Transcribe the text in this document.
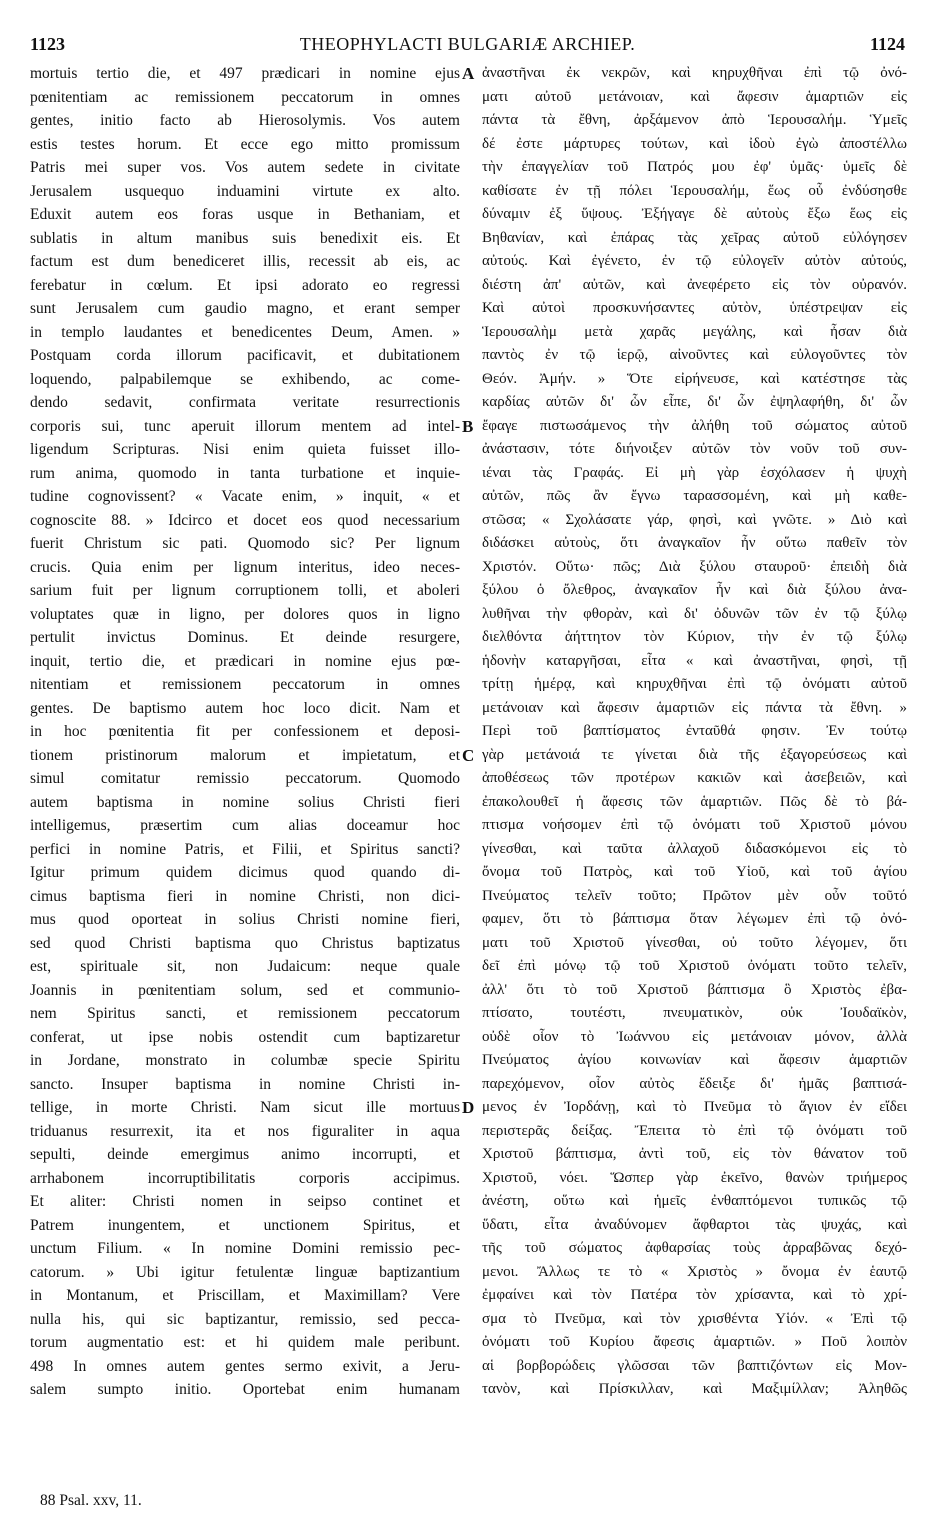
1123	THEOPHYLACTI BULGARIÆ ARCHIEP.	1124
mortuis tertio die, et 497 prædicari in nomine ejus
pœnitentiam ac remissionem peccatorum in omnes
gentes, initio facto ab Hierosolymis. Vos autem
estis testes horum. Et ecce ego mitto promissum
Patris mei super vos. Vos autem sedete in civitate
Jerusalem usquequo induamini virtute ex alto.
Eduxit autem eos foras usque in Bethaniam, et
sublatis in altum manibus suis benedixit eis. Et
factum est dum benediceret illis, recessit ab eis, ac
ferebatur in cœlum. Et ipsi adorato eo regressi
sunt Jerusalem cum gaudio magno, et erant semper
in templo laudantes et benedicentes Deum, Amen. »
Postquam corda illorum pacificavit, et dubitationem
loquendo, palpabilemque se exhibendo, ac come-
dendo sedavit, confirmata veritate resurrectionis
corporis sui, tunc aperuit illorum mentem ad intel-
ligendum Scripturas. Nisi enim quieta fuisset illo-
rum anima, quomodo in tanta turbatione et inquie-
tudine cognovissent? « Vacate enim, » inquit, « et
cognoscite 88. » Idcirco et docet eos quod necessarium
fuerit Christum sic pati. Quomodo sic? Per lignum
crucis. Quia enim per lignum interitus, ideo neces-
sarium fuit per lignum corruptionem tolli, et aboleri
voluptates quæ in ligno, per dolores quos in ligno
pertulit invictus Dominus. Et deinde resurgere,
inquit, tertio die, et prædicari in nomine ejus pœ-
nitentiam et remissionem peccatorum in omnes
gentes. De baptismo autem hoc loco dicit. Nam et
in hoc pœnitentia fit per confessionem et deposi-
tionem pristinorum malorum et impietatum, et
simul comitatur remissio peccatorum. Quomodo
autem baptisma in nomine solius Christi fieri
intelligemus, præsertim cum alias doceamur hoc
perfici in nomine Patris, et Filii, et Spiritus sancti?
Igitur primum quidem dicimus quod quando di-
cimus baptisma fieri in nomine Christi, non dici-
mus quod oporteat in solius Christi nomine fieri,
sed quod Christi baptisma quo Christus baptizatus
est, spirituale sit, non Judaicum: neque quale
Joannis in pœnitentiam solum, sed et communio-
nem Spiritus sancti, et remissionem peccatorum
conferat, ut ipse nobis ostendit cum baptizaretur
in Jordane, monstrato in columbæ specie Spiritu
sancto. Insuper baptisma in nomine Christi in-
tellige, in morte Christi. Nam sicut ille mortuus
triduanus resurrexit, ita et nos figuraliter in aqua
sepulti, deinde emergimus animo incorrupti, et
arrhabonem incorruptibilitatis corporis accipimus.
Et aliter: Christi nomen in seipso continet et
Patrem inungentem, et unctionem Spiritus, et
unctum Filium. « In nomine Domini remissio pec-
catorum. » Ubi igitur fetulentæ linguæ baptizantium
in Montanum, et Priscillam, et Maximillam? Vere
nulla his, qui sic baptizantur, remissio, sed pecca-
torum augmentatio est: et hi quidem male peribunt.
498 In omnes autem gentes sermo exivit, a Jeru-
salem sumpto initio. Oportebat enim humanam
ἀναστῆναι ἐκ νεκρῶν, καὶ κηρυχθῆναι ἐπὶ τῷ ὀνό-
ματι αὐτοῦ μετάνοιαν, καὶ ἄφεσιν ἁμαρτιῶν εἰς
πάντα τὰ ἔθνη, ἀρξάμενον ἀπὸ Ἱερουσαλήμ. Ὑμεῖς
δέ ἐστε μάρτυρες τούτων, καὶ ἰδοὺ ἐγὼ ἀποστέλλω
τὴν ἐπαγγελίαν τοῦ Πατρός μου ἐφ' ὑμᾶς· ὑμεῖς δὲ
καθίσατε ἐν τῇ πόλει Ἱερουσαλήμ, ἕως οὗ ἐνδύσησθε
δύναμιν ἐξ ὕψους. Ἐξήγαγε δὲ αὐτοὺς ἔξω ἕως εἰς
Βηθανίαν, καὶ ἐπάρας τὰς χεῖρας αὐτοῦ εὐλόγησεν
αὐτούς. Καὶ ἐγένετο, ἐν τῷ εὐλογεῖν αὐτὸν αὐτούς,
διέστη ἀπ' αὐτῶν, καὶ ἀνεφέρετο εἰς τὸν οὐρανόν.
Καὶ αὐτοὶ προσκυνήσαντες αὐτὸν, ὑπέστρεψαν εἰς
Ἱερουσαλὴμ μετὰ χαρᾶς μεγάλης, καὶ ἦσαν διὰ
παντὸς ἐν τῷ ἱερῷ, αἰνοῦντες καὶ εὐλογοῦντες τὸν
Θεόν. Ἀμήν. » Ὅτε εἰρήνευσε, καὶ κατέστησε τὰς
καρδίας αὐτῶν δι' ὧν εἶπε, δι' ὧν ἐψηλαφήθη, δι' ὧν
ἔφαγε πιστωσάμενος τὴν ἀλήθη τοῦ σώματος αὐτοῦ
ἀνάστασιν, τότε διήνοιξεν αὐτῶν τὸν νοῦν τοῦ συν-
ιέναι τὰς Γραφάς. Εἰ μὴ γὰρ ἐσχόλασεν ἡ ψυχὴ
αὐτῶν, πῶς ἂν ἔγνω ταρασσομένη, καὶ μὴ καθε-
στῶσα; « Σχολάσατε γάρ, φησὶ, καὶ γνῶτε. » Διὸ καὶ
διδάσκει αὐτοὺς, ὅτι ἀναγκαῖον ἦν οὕτω παθεῖν τὸν
Χριστόν. Οὕτω· πῶς; Διὰ ξύλου σταυροῦ· ἐπειδὴ διὰ
ξύλου ὁ ὄλεθρος, ἀναγκαῖον ἦν καὶ διὰ ξύλου ἀνα-
λυθῆναι τὴν φθορὰν, καὶ δι' ὀδυνῶν τῶν ἐν τῷ ξύλῳ
διελθόντα ἀήττητον τὸν Κύριον, τὴν ἐν τῷ ξύλῳ
ἡδονὴν καταργῆσαι, εἶτα « καὶ ἀναστῆναι, φησὶ, τῇ
τρίτῃ ἡμέρᾳ, καὶ κηρυχθῆναι ἐπὶ τῷ ὀνόματι αὐτοῦ
μετάνοιαν καὶ ἄφεσιν ἁμαρτιῶν εἰς πάντα τὰ ἔθνη. »
Περὶ τοῦ βαπτίσματος ἐνταῦθά φησιν. Ἐν τούτῳ
γὰρ μετάνοιά τε γίνεται διὰ τῆς ἐξαγορεύσεως καὶ
ἀποθέσεως τῶν προτέρων κακιῶν καὶ ἀσεβειῶν, καὶ
ἐπακολουθεῖ ἡ ἄφεσις τῶν ἁμαρτιῶν. Πῶς δὲ τὸ βά-
πτισμα νοήσομεν ἐπὶ τῷ ὀνόματι τοῦ Χριστοῦ μόνου
γίνεσθαι, καὶ ταῦτα ἀλλαχοῦ διδασκόμενοι εἰς τὸ
ὄνομα τοῦ Πατρὸς, καὶ τοῦ Υἱοῦ, καὶ τοῦ ἁγίου
Πνεύματος τελεῖν τοῦτο; Πρῶτον μὲν οὖν τοῦτό
φαμεν, ὅτι τὸ βάπτισμα ὅταν λέγωμεν ἐπὶ τῷ ὀνό-
ματι τοῦ Χριστοῦ γίνεσθαι, οὐ τοῦτο λέγομεν, ὅτι
δεῖ ἐπὶ μόνῳ τῷ τοῦ Χριστοῦ ὀνόματι τοῦτο τελεῖν,
ἀλλ' ὅτι τὸ τοῦ Χριστοῦ βάπτισμα ὃ Χριστὸς ἐβα-
πτίσατο, τουτέστι, πνευματικὸν, οὐκ Ἰουδαϊκὸν,
οὐδὲ οἷον τὸ Ἰωάννου εἰς μετάνοιαν μόνον, ἀλλὰ
Πνεύματος ἁγίου κοινωνίαν καὶ ἄφεσιν ἁμαρτιῶν
παρεχόμενον, οἷον αὐτὸς ἔδειξε δι' ἡμᾶς βαπτισά-
μενος ἐν Ἰορδάνῃ, καὶ τὸ Πνεῦμα τὸ ἅγιον ἐν εἴδει
περιστερᾶς δείξας. Ἔπειτα τὸ ἐπὶ τῷ ὀνόματι τοῦ
Χριστοῦ βάπτισμα, ἀντὶ τοῦ, εἰς τὸν θάνατον τοῦ
Χριστοῦ, νόει. Ὥσπερ γὰρ ἐκεῖνο, θανὼν τριήμερος
ἀνέστη, οὕτω καὶ ἡμεῖς ἐνθαπτόμενοι τυπικῶς τῷ
ὕδατι, εἶτα ἀναδύνομεν ἄφθαρτοι τὰς ψυχάς, καὶ
τῆς τοῦ σώματος ἀφθαρσίας τοὺς ἀρραβῶνας δεχό-
μενοι. Ἄλλως τε τὸ « Χριστὸς » ὄνομα ἐν ἑαυτῷ
ἐμφαίνει καὶ τὸν Πατέρα τὸν χρίσαντα, καὶ τὸ χρί-
σμα τὸ Πνεῦμα, καὶ τὸν χρισθέντα Υἱόν. « Ἐπὶ τῷ
ὀνόματι τοῦ Κυρίου ἄφεσις ἁμαρτιῶν. » Ποῦ λοιπὸν
αἱ βορβορώδεις γλῶσσαι τῶν βαπτιζόντων εἰς Μον-
τανὸν, καὶ Πρίσκιλλαν, καὶ Μαξιμίλλαν; Ἀληθῶς
A
B
C
D
88 Psal. xxv, 11.
